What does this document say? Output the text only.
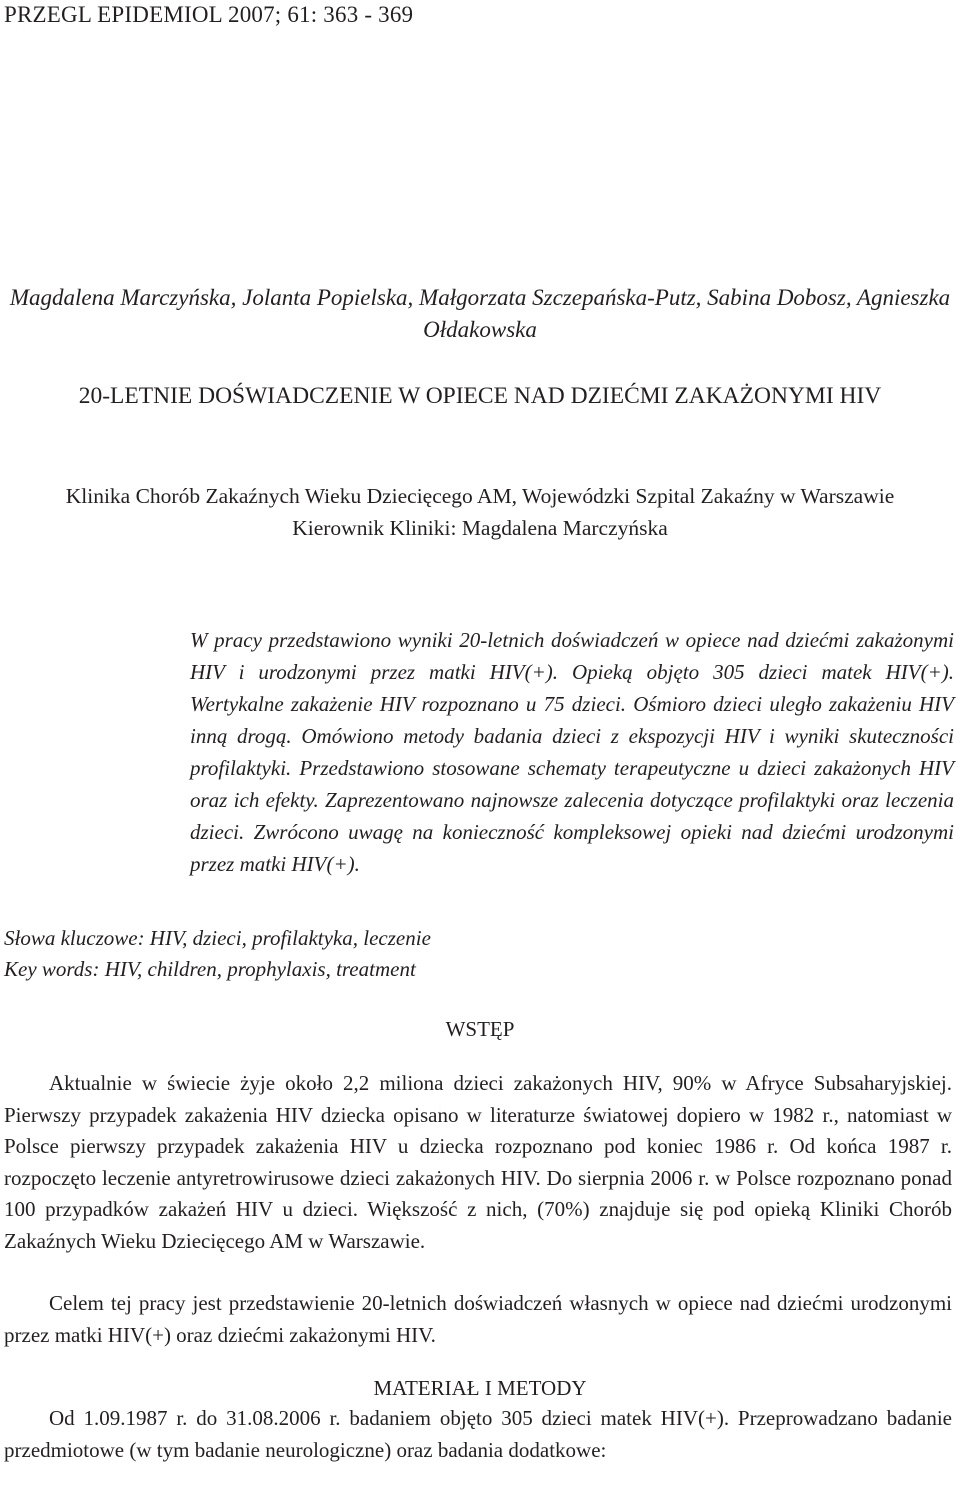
PRZEGL EPIDEMIOL 2007; 61: 363 - 369
Magdalena Marczyńska, Jolanta Popielska, Małgorzata Szczepańska-Putz, Sabina Dobosz, Agnieszka Ołdakowska
20-LETNIE DOŚWIADCZENIE W OPIECE NAD DZIEĆMI ZAKAŻONYMI HIV
Klinika Chorób Zakaźnych Wieku Dziecięcego AM, Wojewódzki Szpital Zakaźny w Warszawie
Kierownik Kliniki: Magdalena Marczyńska

W pracy przedstawiono wyniki 20-letnich doświadczeń w opiece nad dziećmi zakażonymi HIV i urodzonymi przez matki HIV(+). Opieką objęto 305 dzieci matek HIV(+). Wertykalne zakażenie HIV rozpoznano u 75 dzieci. Ośmioro dzieci uległo zakażeniu HIV inną drogą. Omówiono metody badania dzieci z ekspozycji HIV i wyniki skuteczności profilaktyki. Przedstawiono stosowane schematy terapeutyczne u dzieci zakażonych HIV oraz ich efekty. Zaprezentowano najnowsze zalecenia dotyczące profilaktyki oraz leczenia dzieci. Zwrócono uwagę na konieczność kompleksowej opieki nad dziećmi urodzonymi przez matki HIV(+).

Słowa kluczowe: HIV, dzieci, profilaktyka, leczenie
Key words: HIV, children, prophylaxis, treatment
WSTĘP

Aktualnie w świecie żyje około 2,2 miliona dzieci zakażonych HIV, 90% w Afryce Subsaharyjskiej. Pierwszy przypadek zakażenia HIV dziecka opisano w literaturze światowej dopiero w 1982 r., natomiast w Polsce pierwszy przypadek zakażenia HIV u dziecka rozpoznano pod koniec 1986 r. Od końca 1987 r. rozpoczęto leczenie antyretrowirusowe dzieci zakażonych HIV. Do sierpnia 2006 r. w Polsce rozpoznano ponad 100 przypadków zakażeń HIV u dzieci. Większość z nich, (70%) znajduje się pod opieką Kliniki Chorób Zakaźnych Wieku Dziecięcego AM w Warszawie.

Celem tej pracy jest przedstawienie 20-letnich doświadczeń własnych w opiece nad dziećmi urodzonymi przez matki HIV(+) oraz dziećmi zakażonymi HIV.

MATERIAŁ I METODY

Od 1.09.1987 r. do 31.08.2006 r. badaniem objęto 305 dzieci matek HIV(+). Przeprowadzano badanie przedmiotowe (w tym badanie neurologiczne) oraz badania dodatkowe:
